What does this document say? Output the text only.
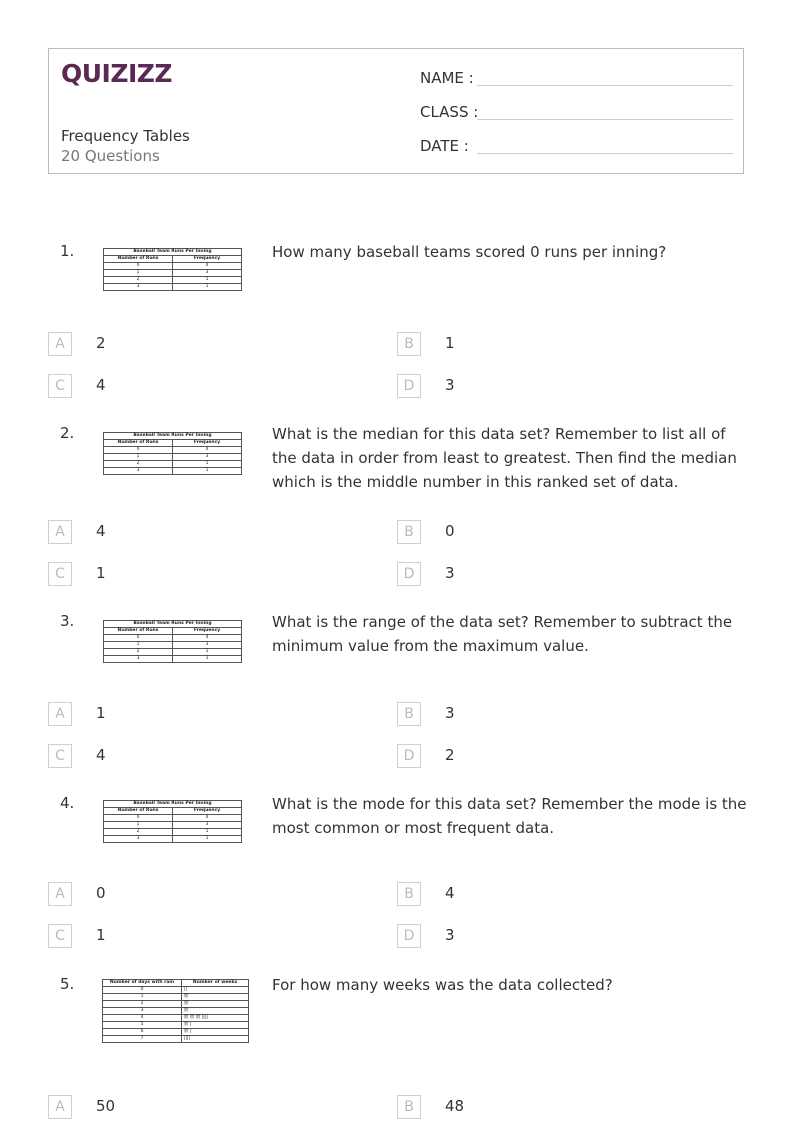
QUIZIZZ
Frequency Tables
20 Questions
NAME :
CLASS :
DATE :
1.	Baseball Team Runs Per Inning	
Number of Runs	Frequency
0	4
1	3
2	1
3	1
How many baseball teams scored 0 runs per inning?
A	2	B	1
C	4	D	3
2.	Baseball Team Runs Per Inning	
Number of Runs	Frequency
0	4
1	3
2	1
3	1
What is the median for this data set? Remember to list all of the data in order from least to greatest. Then find the median which is the middle number in this ranked set of data.
A	4	B	0
C	1	D	3
3.	Baseball Team Runs Per Inning	
Number of Runs	Frequency
0	4
1	3
2	1
3	1
What is the range of the data set? Remember to subtract the minimum value from the maximum value.
A	1	B	3
C	4	D	2
4.	Baseball Team Runs Per Inning	
Number of Runs	Frequency
0	4
1	3
2	1
3	1
What is the mode for this data set? Remember the mode is the most common or most frequent data.
A	0	B	4
C	1	D	3
5.	Number of days with rain	Number of weeks
0	||
1	卌
2	卌
3	卌
4	卌 卌 卌 ||||
5	卌 |
6	卌 |
7	||||
For how many weeks was the data collected?
A	50	B	48
